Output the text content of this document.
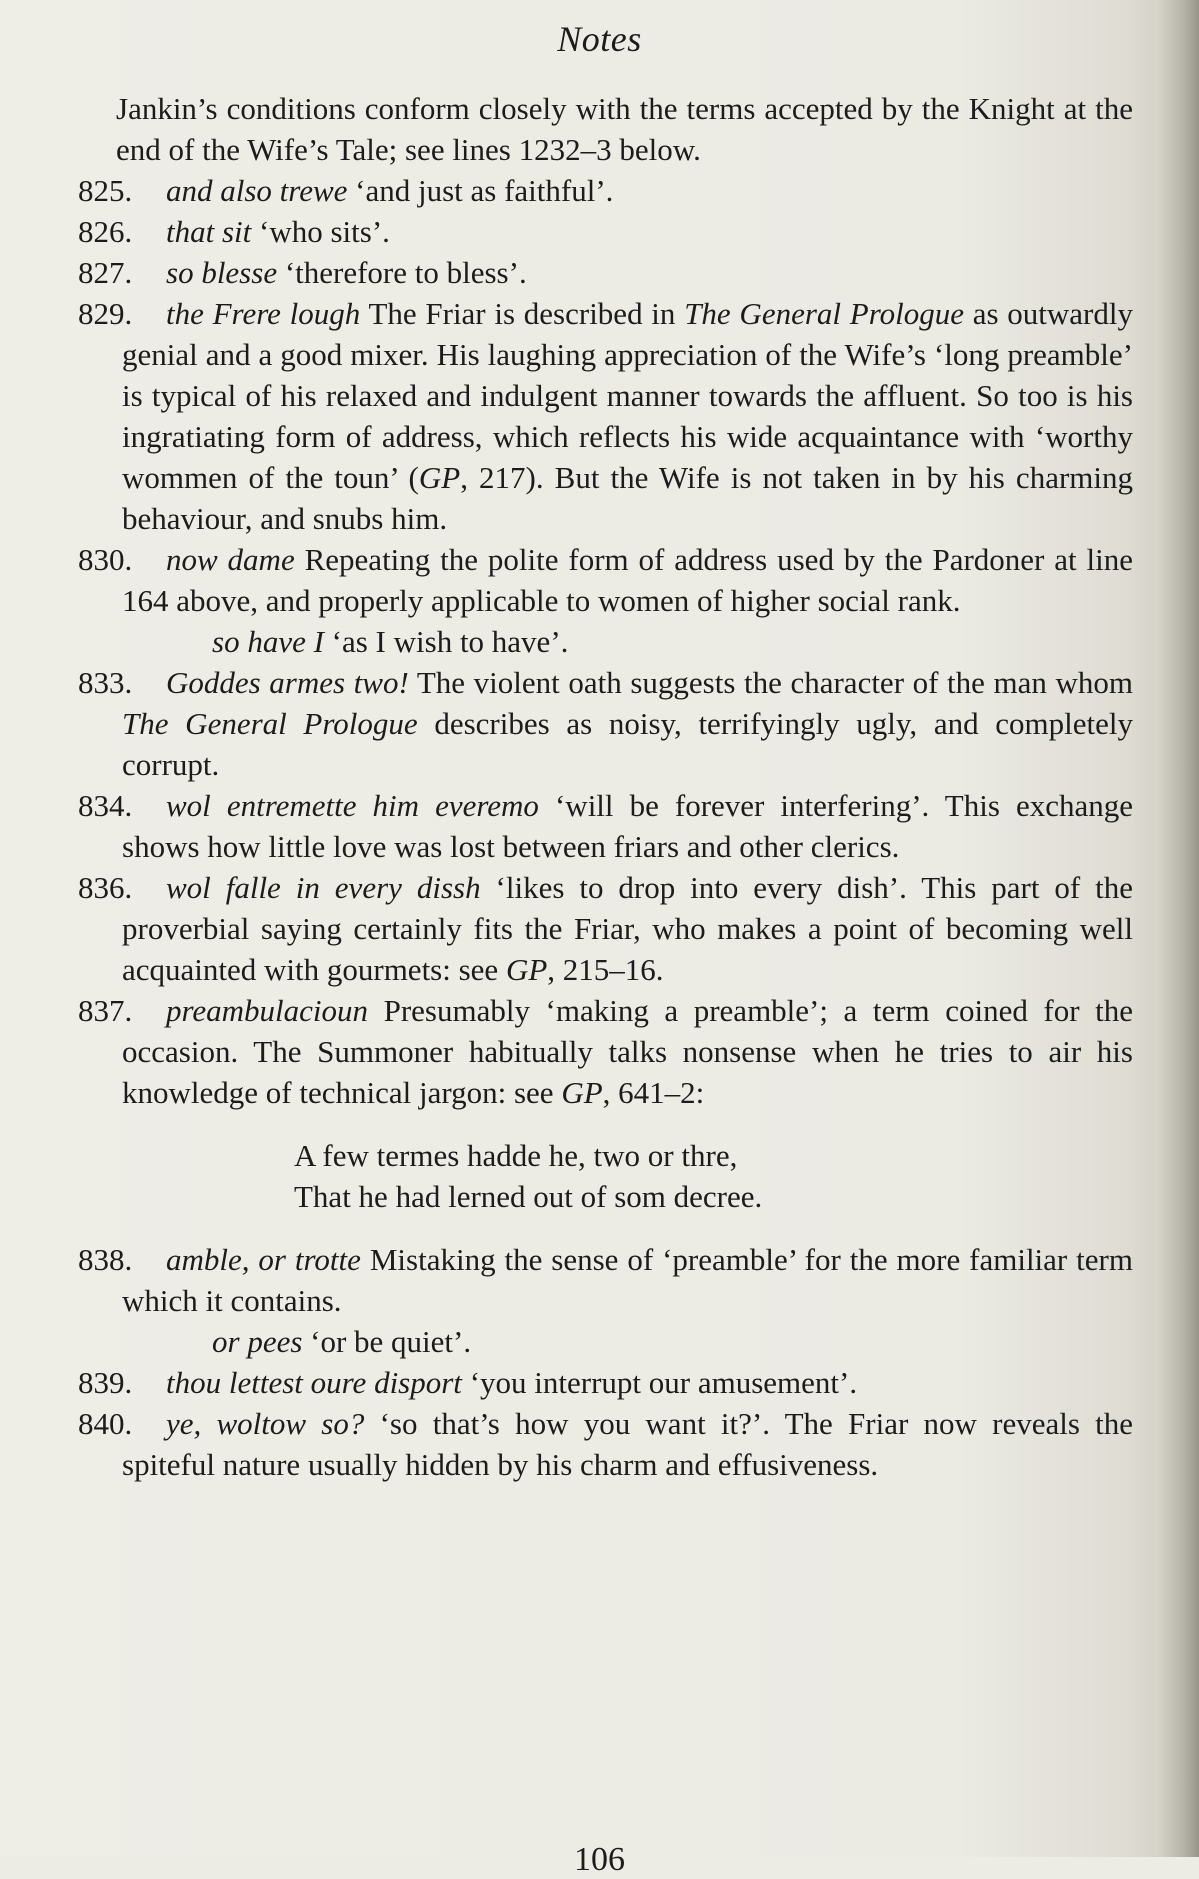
Notes

Jankin’s conditions conform closely with the terms accepted by the Knight at the end of the Wife’s Tale; see lines 1232–3 below.

825. and also trewe ‘and just as faithful’.

826. that sit ‘who sits’.

827. so blesse ‘therefore to bless’.

829. the Frere lough The Friar is described in The General Prologue as outwardly genial and a good mixer. His laughing appreciation of the Wife’s ‘long preamble’ is typical of his relaxed and indulgent manner towards the affluent. So too is his ingratiating form of address, which reflects his wide acquaintance with ‘worthy wommen of the toun’ (GP, 217). But the Wife is not taken in by his charming behaviour, and snubs him.

830. now dame Repeating the polite form of address used by the Pardoner at line 164 above, and properly applicable to women of higher social rank.

so have I ‘as I wish to have’.

833. Goddes armes two! The violent oath suggests the character of the man whom The General Prologue describes as noisy, terrifyingly ugly, and completely corrupt.

834. wol entremette him everemo ‘will be forever interfering’. This exchange shows how little love was lost between friars and other clerics.

836. wol falle in every dissh ‘likes to drop into every dish’. This part of the proverbial saying certainly fits the Friar, who makes a point of becoming well acquainted with gourmets: see GP, 215–16.

837. preambulacioun Presumably ‘making a preamble’; a term coined for the occasion. The Summoner habitually talks nonsense when he tries to air his knowledge of technical jargon: see GP, 641–2:

A few termes hadde he, two or thre,
That he had lerned out of som decree.

838. amble, or trotte Mistaking the sense of ‘preamble’ for the more familiar term which it contains.

or pees ‘or be quiet’.

839. thou lettest oure disport ‘you interrupt our amusement’.

840. ye, woltow so? ‘so that’s how you want it?’. The Friar now reveals the spiteful nature usually hidden by his charm and effusiveness.

106
